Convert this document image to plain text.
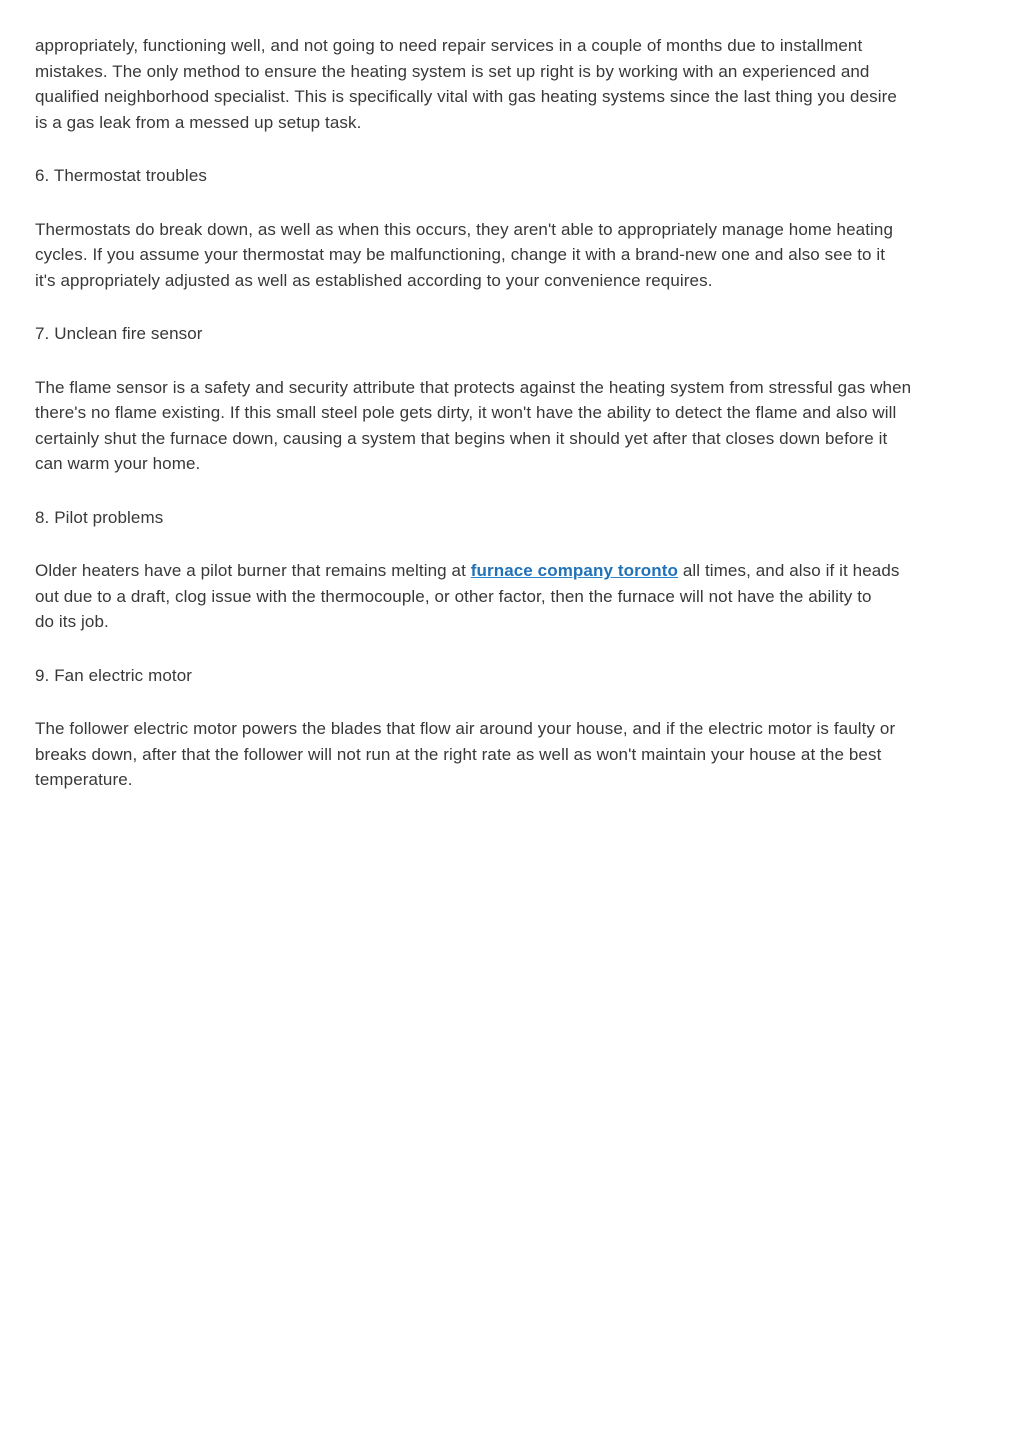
appropriately, functioning well, and not going to need repair services in a couple of months due to installment
mistakes. The only method to ensure the heating system is set up right is by working with an experienced and
qualified neighborhood specialist. This is specifically vital with gas heating systems since the last thing you desire
is a gas leak from a messed up setup task.
6. Thermostat troubles
Thermostats do break down, as well as when this occurs, they aren't able to appropriately manage home heating
cycles. If you assume your thermostat may be malfunctioning, change it with a brand-new one and also see to it
it's appropriately adjusted as well as established according to your convenience requires.
7. Unclean fire sensor
The flame sensor is a safety and security attribute that protects against the heating system from stressful gas when
there's no flame existing. If this small steel pole gets dirty, it won't have the ability to detect the flame and also will
certainly shut the furnace down, causing a system that begins when it should yet after that closes down before it
can warm your home.
8. Pilot problems
Older heaters have a pilot burner that remains melting at furnace company toronto all times, and also if it heads
out due to a draft, clog issue with the thermocouple, or other factor, then the furnace will not have the ability to
do its job.
9. Fan electric motor
The follower electric motor powers the blades that flow air around your house, and if the electric motor is faulty or
breaks down, after that the follower will not run at the right rate as well as won't maintain your house at the best
temperature.
